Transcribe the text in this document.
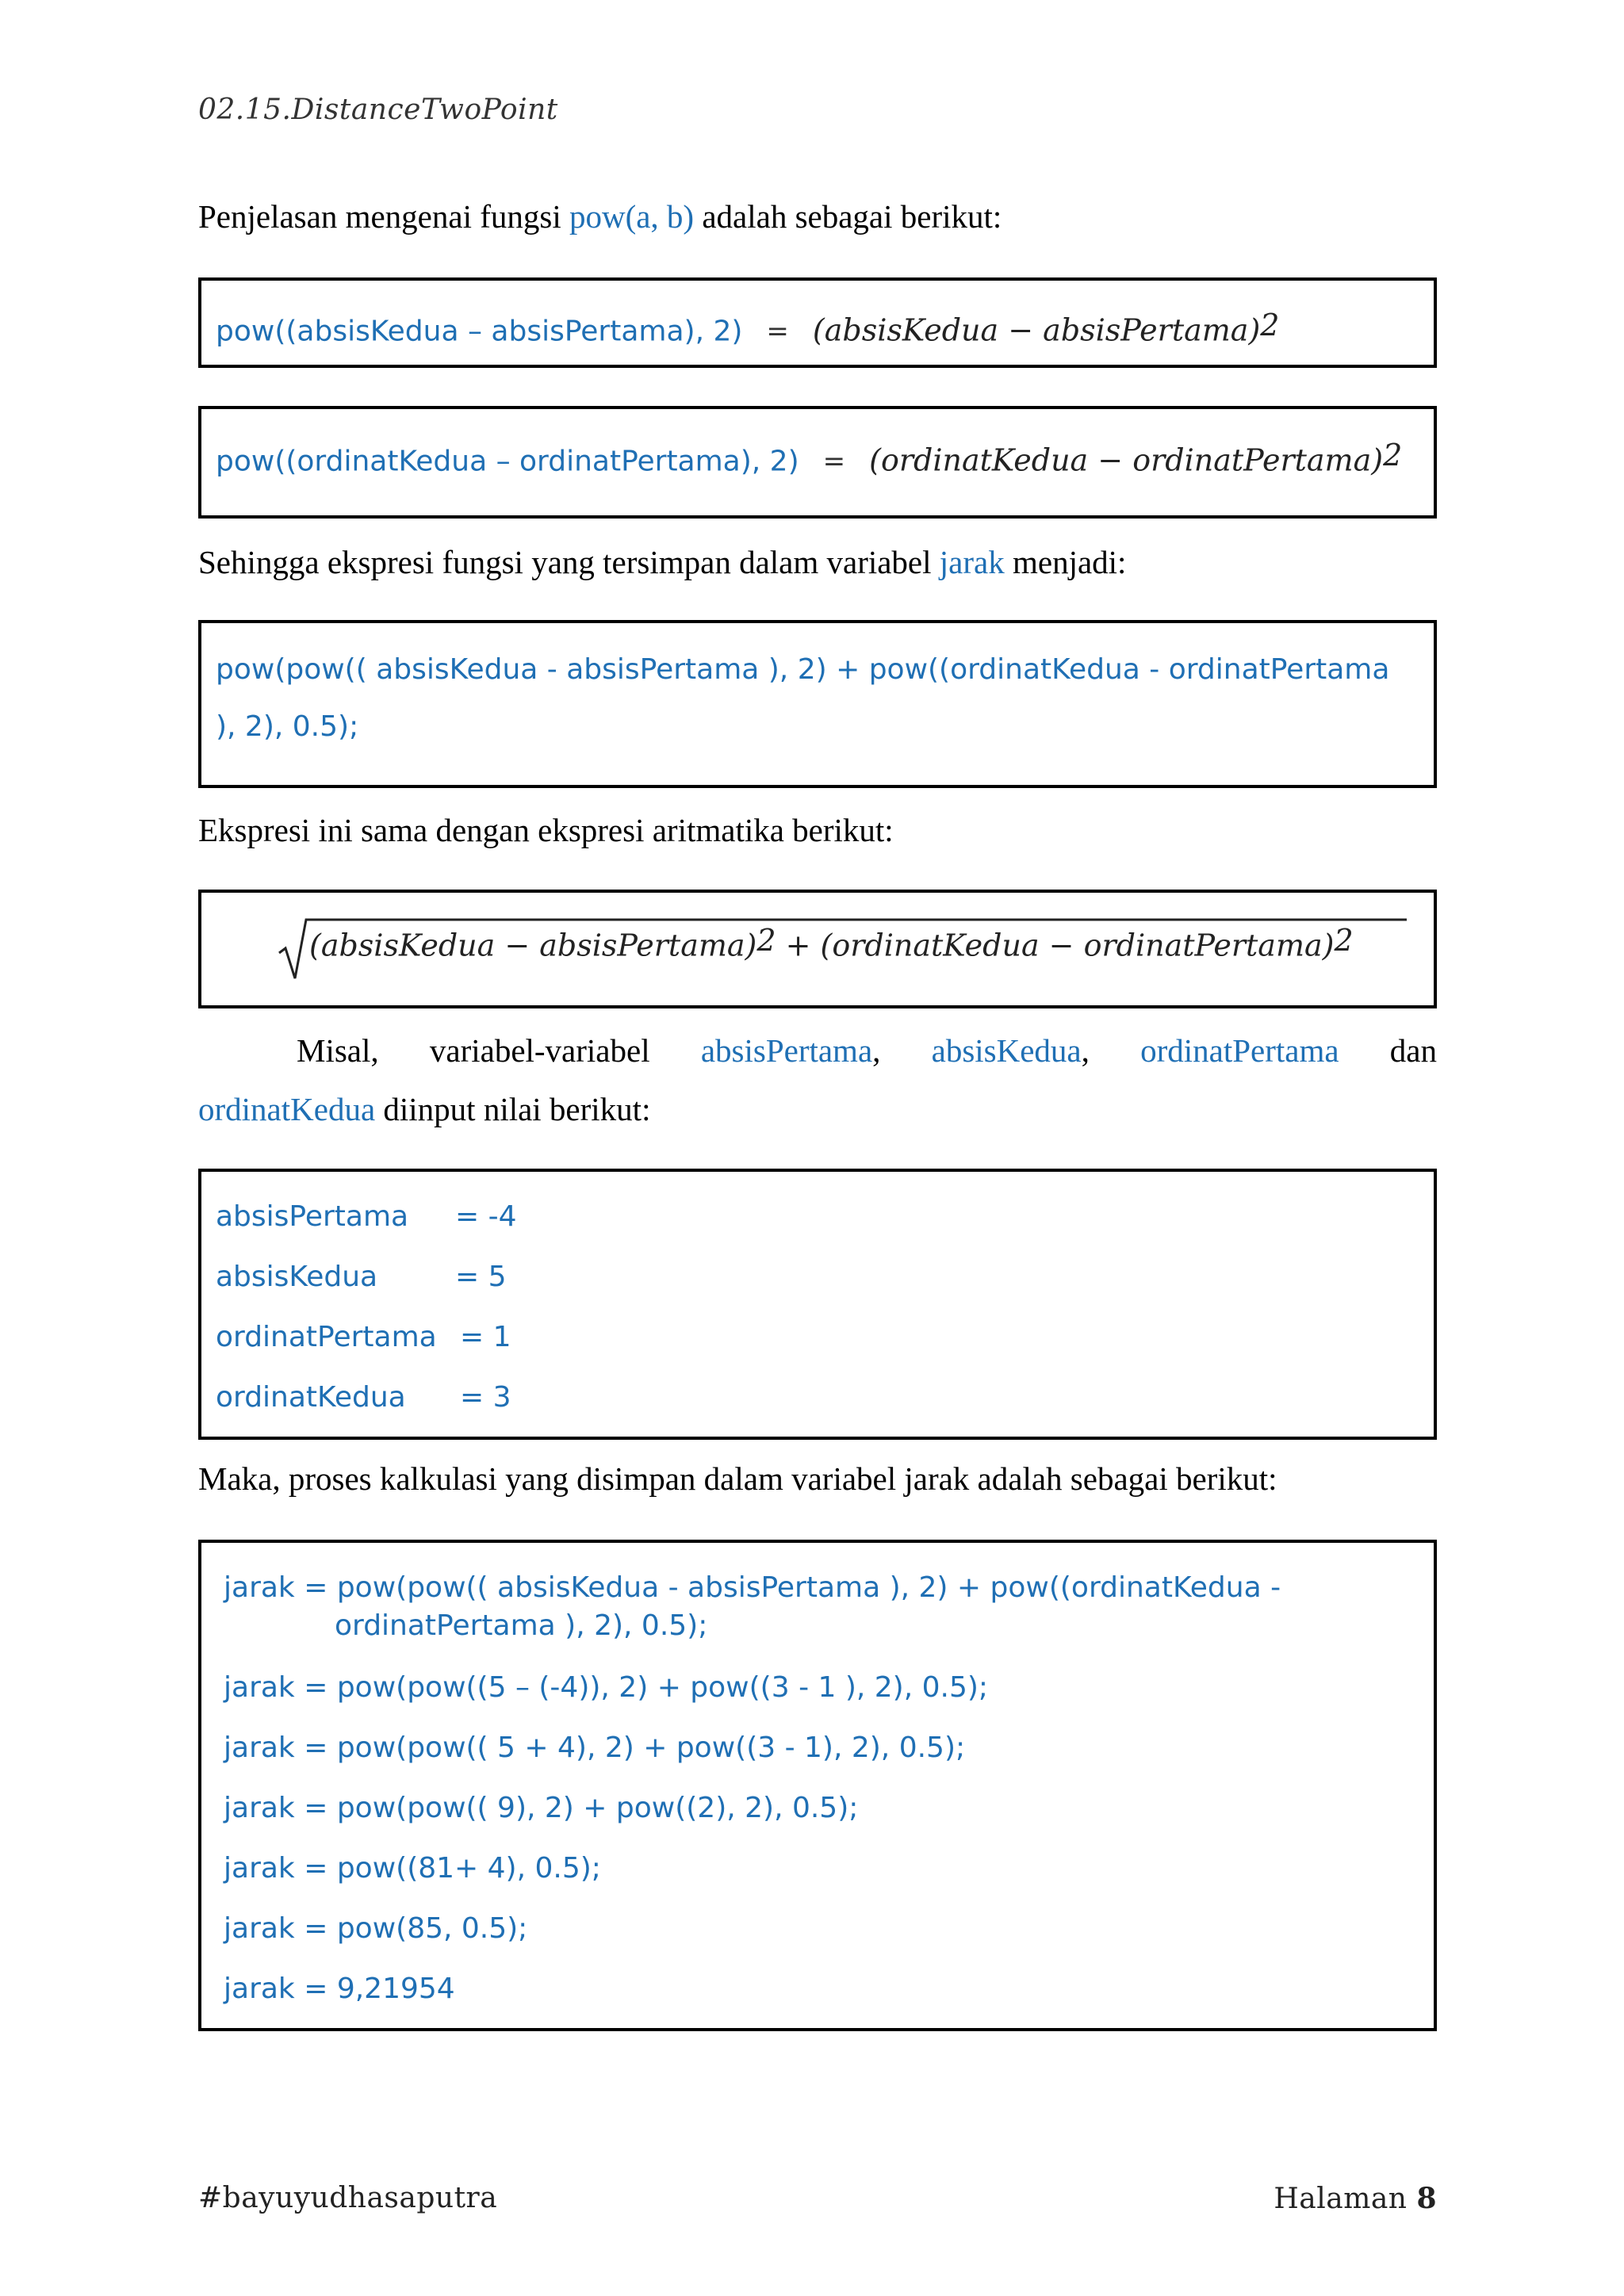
02.15.DistanceTwoPoint
Penjelasan mengenai fungsi pow(a, b) adalah sebagai berikut:
pow((absisKedua – absisPertama), 2) = (absisKedua − absisPertama)$^2$
pow((ordinatKedua – ordinatPertama), 2) = (ordinatKedua − ordinatPertama)$^2$
Sehingga ekspresi fungsi yang tersimpan dalam variabel jarak menjadi:
pow(pow(( absisKedua - absisPertama ), 2) + pow((ordinatKedua - ordinatPertama
), 2), 0.5);
Ekspresi ini sama dengan ekspresi aritmatika berikut:
(absisKedua − absisPertama)$^2$ + (ordinatKedua − ordinatPertama)$^2$
Misal, variabel-variabel absisPertama, absisKedua, ordinatPertama dan
ordinatKedua diinput nilai berikut:
absisPertama = -4
absisKedua	= 5
ordinatPertama = 1
ordinatKedua = 3
Maka, proses kalkulasi yang disimpan dalam variabel jarak adalah sebagai berikut:
jarak = pow(pow(( absisKedua - absisPertama ), 2) + pow((ordinatKedua -
ordinatPertama ), 2), 0.5);
jarak = pow(pow((5 – (-4)), 2) + pow((3 - 1 ), 2), 0.5);
jarak = pow(pow(( 5 + 4), 2) + pow((3 - 1), 2), 0.5);
jarak = pow(pow(( 9), 2) + pow((2), 2), 0.5);
jarak = pow((81+ 4), 0.5);
jarak = pow(85, 0.5);
jarak = 9,21954
#bayuyudhasaputra	Halaman 8
